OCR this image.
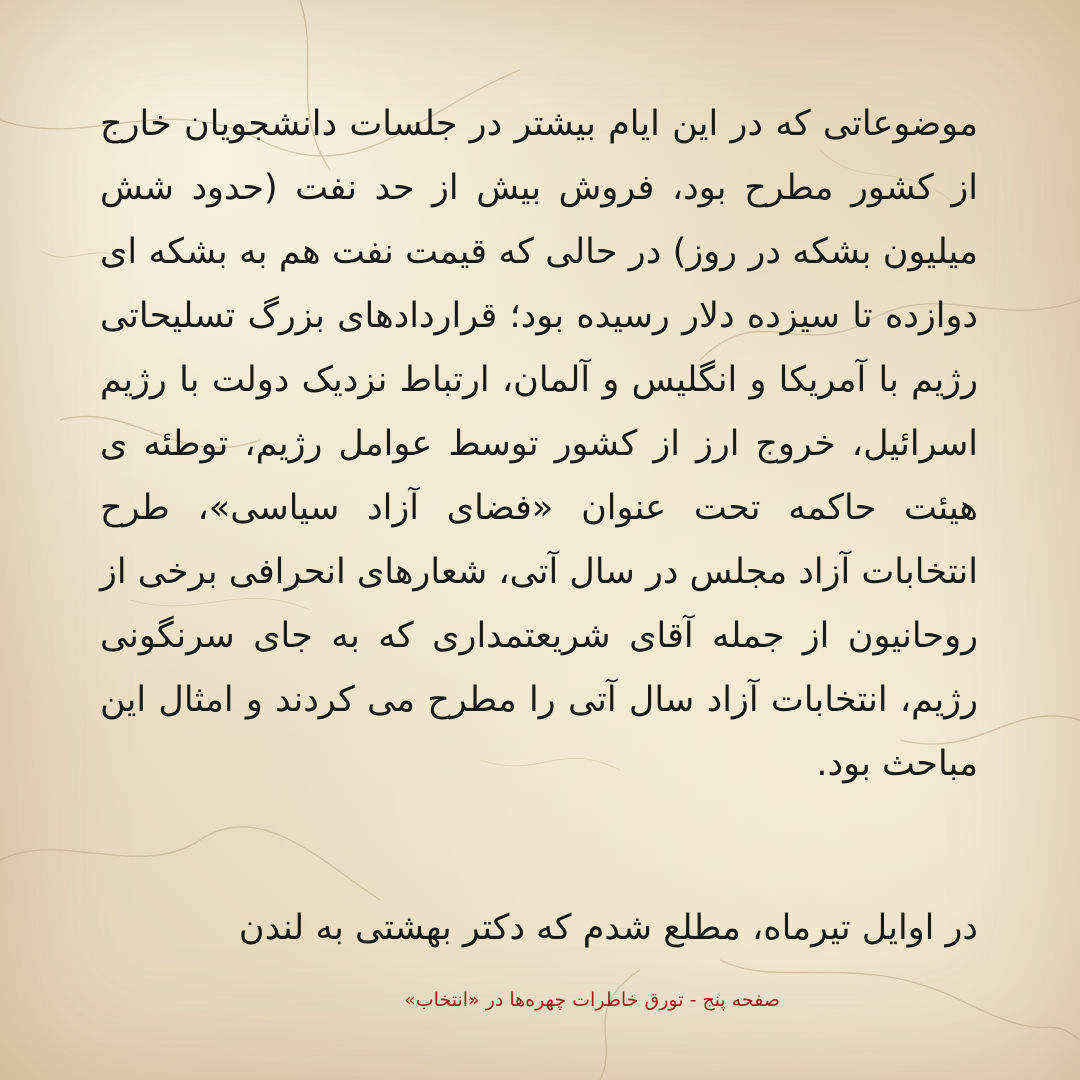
موضوعاتی که در این ایام بیشتر در جلسات دانشجویان خارج از کشور مطرح بود، فروش بیش از حد نفت (حدود شش میلیون بشکه در روز) در حالی که قیمت نفت هم به بشکه ای دوازده تا سیزده دلار رسیده بود؛ قراردادهای بزرگ تسلیحاتی رژیم با آمریکا و انگلیس و آلمان، ارتباط نزدیک دولت با رژیم اسرائیل، خروج ارز از کشور توسط عوامل رژیم، توطئه ی هیئت حاکمه تحت عنوان «فضای آزاد سیاسی»، طرح انتخابات آزاد مجلس در سال آتی، شعارهای انحرافی برخی از روحانیون از جمله آقای شریعتمداری که به جای سرنگونی رژیم، انتخابات آزاد سال آتی را مطرح می کردند و امثال این مباحث بود.

در اوایل تیرماه، مطلع شدم که دکتر بهشتی به لندن

صفحه پنج - تورق خاطرات چهره‌ها در «انتخاب»
